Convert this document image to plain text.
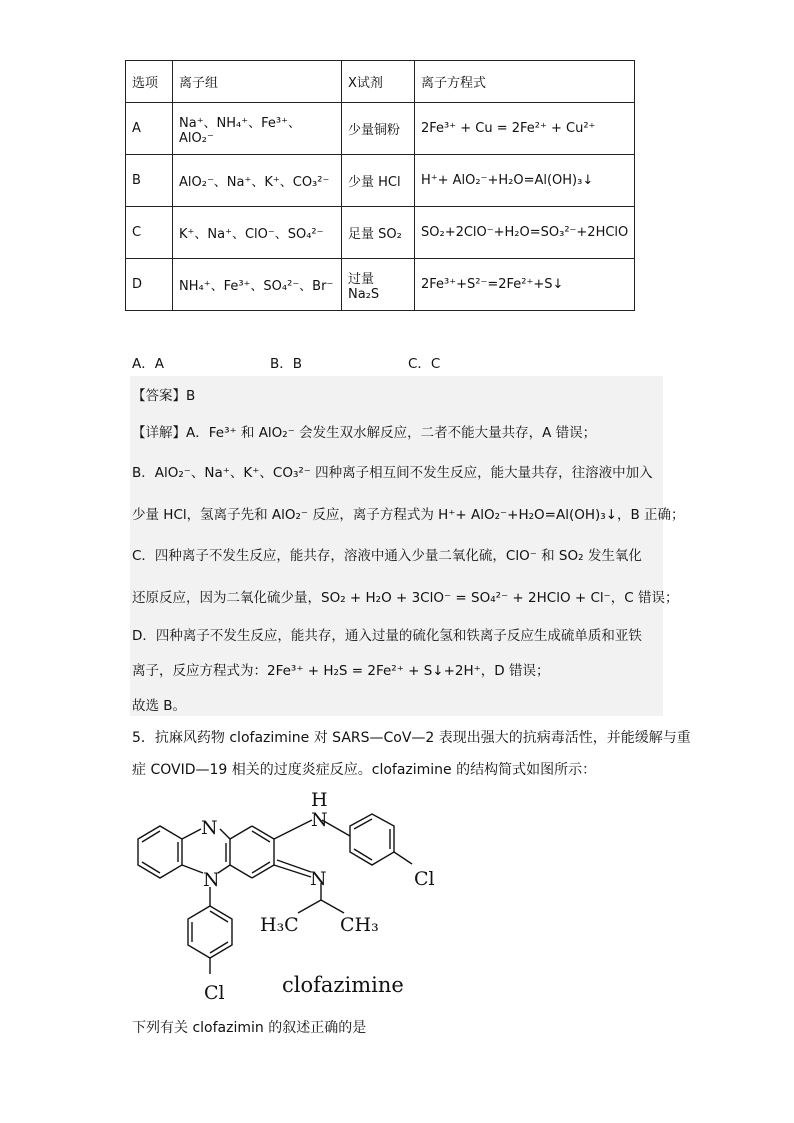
选项	离子组	X试剂	离子方程式
A	Na⁺、NH₄⁺、Fe³⁺、AlO₂⁻	少量铜粉	2Fe³⁺ + Cu = 2Fe²⁺ + Cu²⁺
B	AlO₂⁻、Na⁺、K⁺、CO₃²⁻	少量 HCl	H⁺+ AlO₂⁻+H₂O=Al(OH)₃↓
C	K⁺、Na⁺、ClO⁻、SO₄²⁻	足量 SO₂	SO₂+2ClO⁻+H₂O=SO₃²⁻+2HClO
D	NH₄⁺、Fe³⁺、SO₄²⁻、Br⁻	过量 Na₂S	2Fe³⁺+S²⁻=2Fe²⁺+S↓
A．A	B．B	C．C
【答案】B
【详解】A．Fe³⁺ 和 AlO₂⁻ 会发生双水解反应，二者不能大量共存，A 错误；
B．AlO₂⁻、Na⁺、K⁺、CO₃²⁻ 四种离子相互间不发生反应，能大量共存，往溶液中加入
少量 HCl，氢离子先和 AlO₂⁻ 反应，离子方程式为 H⁺+ AlO₂⁻+H₂O=Al(OH)₃↓，B 正确；
C．四种离子不发生反应，能共存，溶液中通入少量二氧化硫，ClO⁻ 和 SO₂ 发生氧化
还原反应，因为二氧化硫少量，SO₂ + H₂O + 3ClO⁻ = SO₄²⁻ + 2HClO + Cl⁻，C 错误；
D．四种离子不发生反应，能共存，通入过量的硫化氢和铁离子反应生成硫单质和亚铁
离子，反应方程式为：2Fe³⁺ + H₂S = 2Fe²⁺ + S↓+2H⁺，D 错误；
故选 B。
5．抗麻风药物 clofazimine 对 SARS—CoV—2 表现出强大的抗病毒活性，并能缓解与重
症 COVID—19 相关的过度炎症反应。clofazimine 的结构简式如图所示：
N
N
N
H
N	Cl
Cl
H₃C CH₃
clofazimine
下列有关 clofazimin 的叙述正确的是
